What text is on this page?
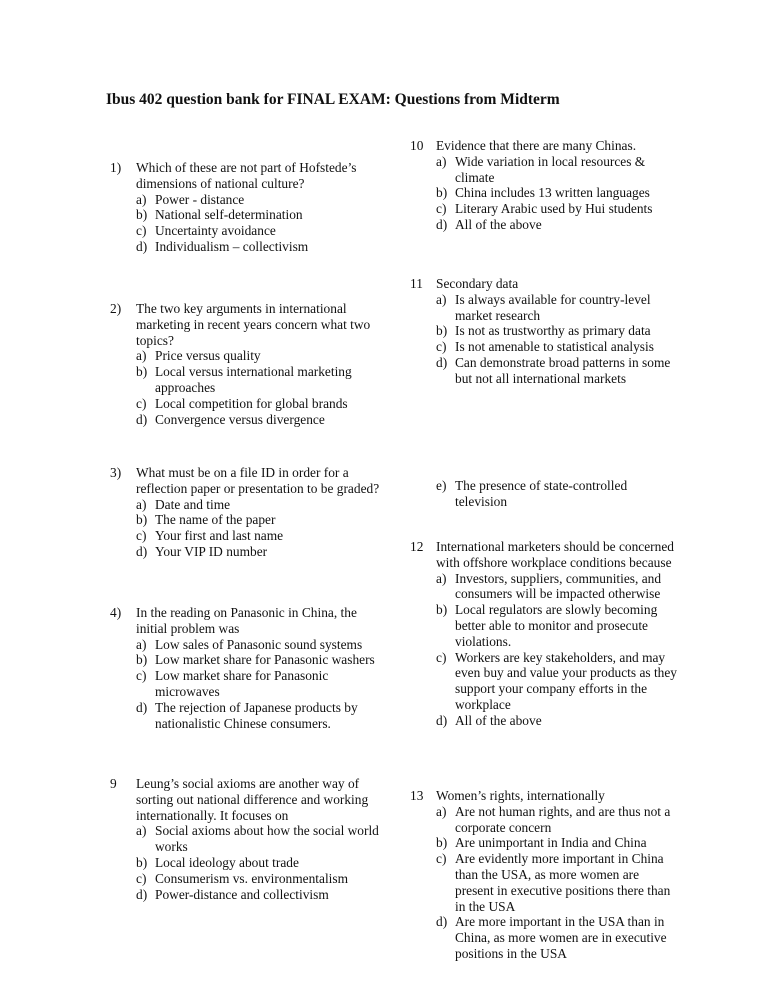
Ibus 402 question bank for FINAL EXAM: Questions from Midterm
1)	Which of these are not part of Hofstede’s dimensions of national culture?
a) Power - distance
b) National self-determination
c) Uncertainty avoidance
d) Individualism – collectivism
2)	The two key arguments in international marketing in recent years concern what two topics?
a) Price versus quality
b) Local versus international marketing approaches
c) Local competition for global brands
d) Convergence versus divergence
3)	What must be on a file ID in order for a reflection paper or presentation to be graded?
a) Date and time
b) The name of the paper
c) Your first and last name
d) Your VIP ID number
4)	In the reading on Panasonic in China, the initial problem was
a) Low sales of Panasonic sound systems
b) Low market share for Panasonic washers
c) Low market share for Panasonic microwaves
d) The rejection of Japanese products by nationalistic Chinese consumers.
9	Leung’s social axioms are another way of sorting out national difference and working internationally. It focuses on
a) Social axioms about how the social world works
b) Local ideology about trade
c) Consumerism vs. environmentalism
d) Power-distance and collectivism
10 Evidence that there are many Chinas.
a) Wide variation in local resources & climate
b) China includes 13 written languages
c) Literary Arabic used by Hui students
d) All of the above
11 Secondary data
a) Is always available for country-level market research
b) Is not as trustworthy as primary data
c) Is not amenable to statistical analysis
d) Can demonstrate broad patterns in some but not all international markets
e) The presence of state-controlled television
12 International marketers should be concerned with offshore workplace conditions because
a) Investors, suppliers, communities, and consumers will be impacted otherwise
b) Local regulators are slowly becoming better able to monitor and prosecute violations.
c) Workers are key stakeholders, and may even buy and value your products as they support your company efforts in the workplace
d) All of the above
13 Women’s rights, internationally
a) Are not human rights, and are thus not a corporate concern
b) Are unimportant in India and China
c) Are evidently more important in China than the USA, as more women are present in executive positions there than in the USA
d) Are more important in the USA than in China, as more women are in executive positions in the USA
